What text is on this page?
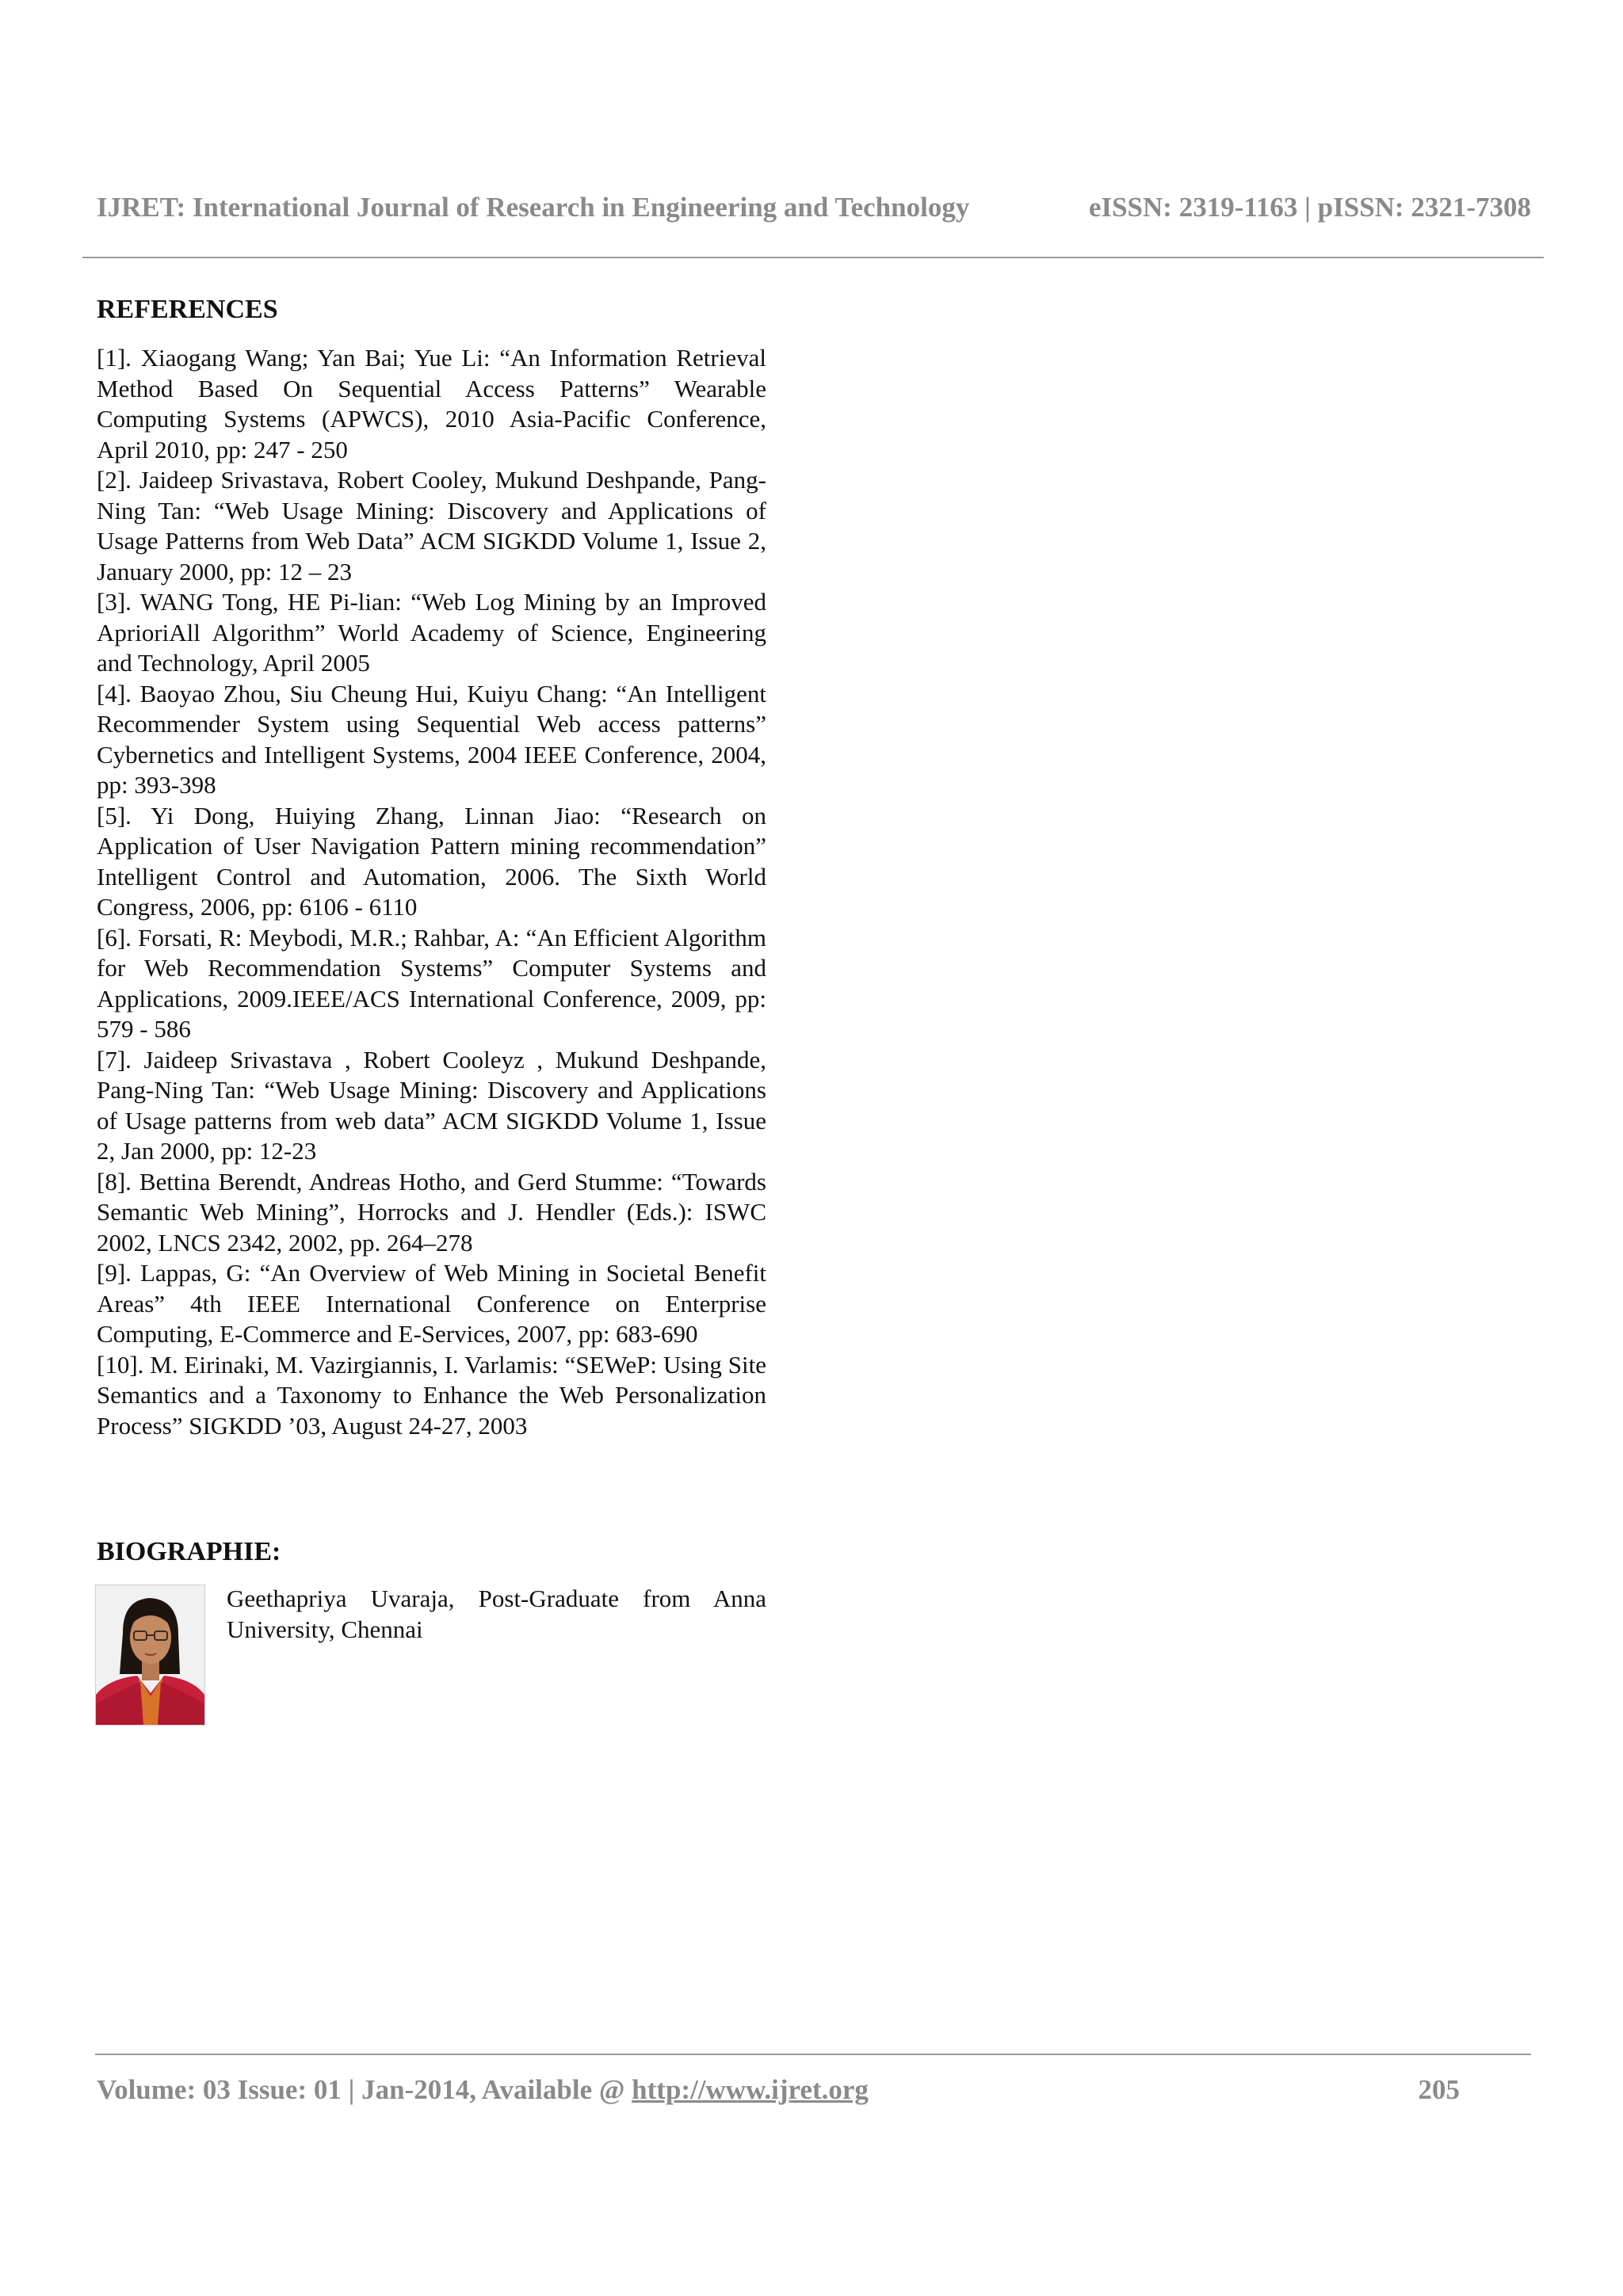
IJRET: International Journal of Research in Engineering and Technology	eISSN: 2319-1163 | pISSN: 2321-7308
REFERENCES
[1]. Xiaogang Wang; Yan Bai; Yue Li: “An Information Retrieval Method Based On Sequential Access Patterns” Wearable Computing Systems (APWCS), 2010 Asia-Pacific Conference, April 2010, pp: 247 - 250
[2]. Jaideep Srivastava, Robert Cooley, Mukund Deshpande, Pang-Ning Tan: “Web Usage Mining: Discovery and Applications of Usage Patterns from Web Data” ACM SIGKDD Volume 1, Issue 2, January 2000, pp: 12 – 23
[3]. WANG Tong, HE Pi-lian: “Web Log Mining by an Improved AprioriAll Algorithm” World Academy of Science, Engineering and Technology, April 2005
[4]. Baoyao Zhou, Siu Cheung Hui, Kuiyu Chang: “An Intelligent Recommender System using Sequential Web access patterns” Cybernetics and Intelligent Systems, 2004 IEEE Conference, 2004, pp: 393-398
[5]. Yi Dong, Huiying Zhang, Linnan Jiao: “Research on Application of User Navigation Pattern mining recommendation” Intelligent Control and Automation, 2006. The Sixth World Congress, 2006, pp: 6106 - 6110
[6]. Forsati, R: Meybodi, M.R.; Rahbar, A: “An Efficient Algorithm for Web Recommendation Systems” Computer Systems and Applications, 2009.IEEE/ACS International Conference, 2009, pp: 579 - 586
[7]. Jaideep Srivastava , Robert Cooleyz , Mukund Deshpande, Pang-Ning Tan: “Web Usage Mining: Discovery and Applications of Usage patterns from web data” ACM SIGKDD Volume 1, Issue 2, Jan 2000, pp: 12-23
[8]. Bettina Berendt, Andreas Hotho, and Gerd Stumme: “Towards Semantic Web Mining”, Horrocks and J. Hendler (Eds.): ISWC 2002, LNCS 2342, 2002, pp. 264–278
[9]. Lappas, G: “An Overview of Web Mining in Societal Benefit Areas” 4th IEEE International Conference on Enterprise Computing, E-Commerce and E-Services, 2007, pp: 683-690
[10]. M. Eirinaki, M. Vazirgiannis, I. Varlamis: “SEWeP: Using Site Semantics and a Taxonomy to Enhance the Web Personalization Process” SIGKDD ’03, August 24-27, 2003
BIOGRAPHIE:
Geethapriya Uvaraja, Post-Graduate from Anna University, Chennai
Volume: 03 Issue: 01 | Jan-2014, Available @ http://www.ijret.org	205
